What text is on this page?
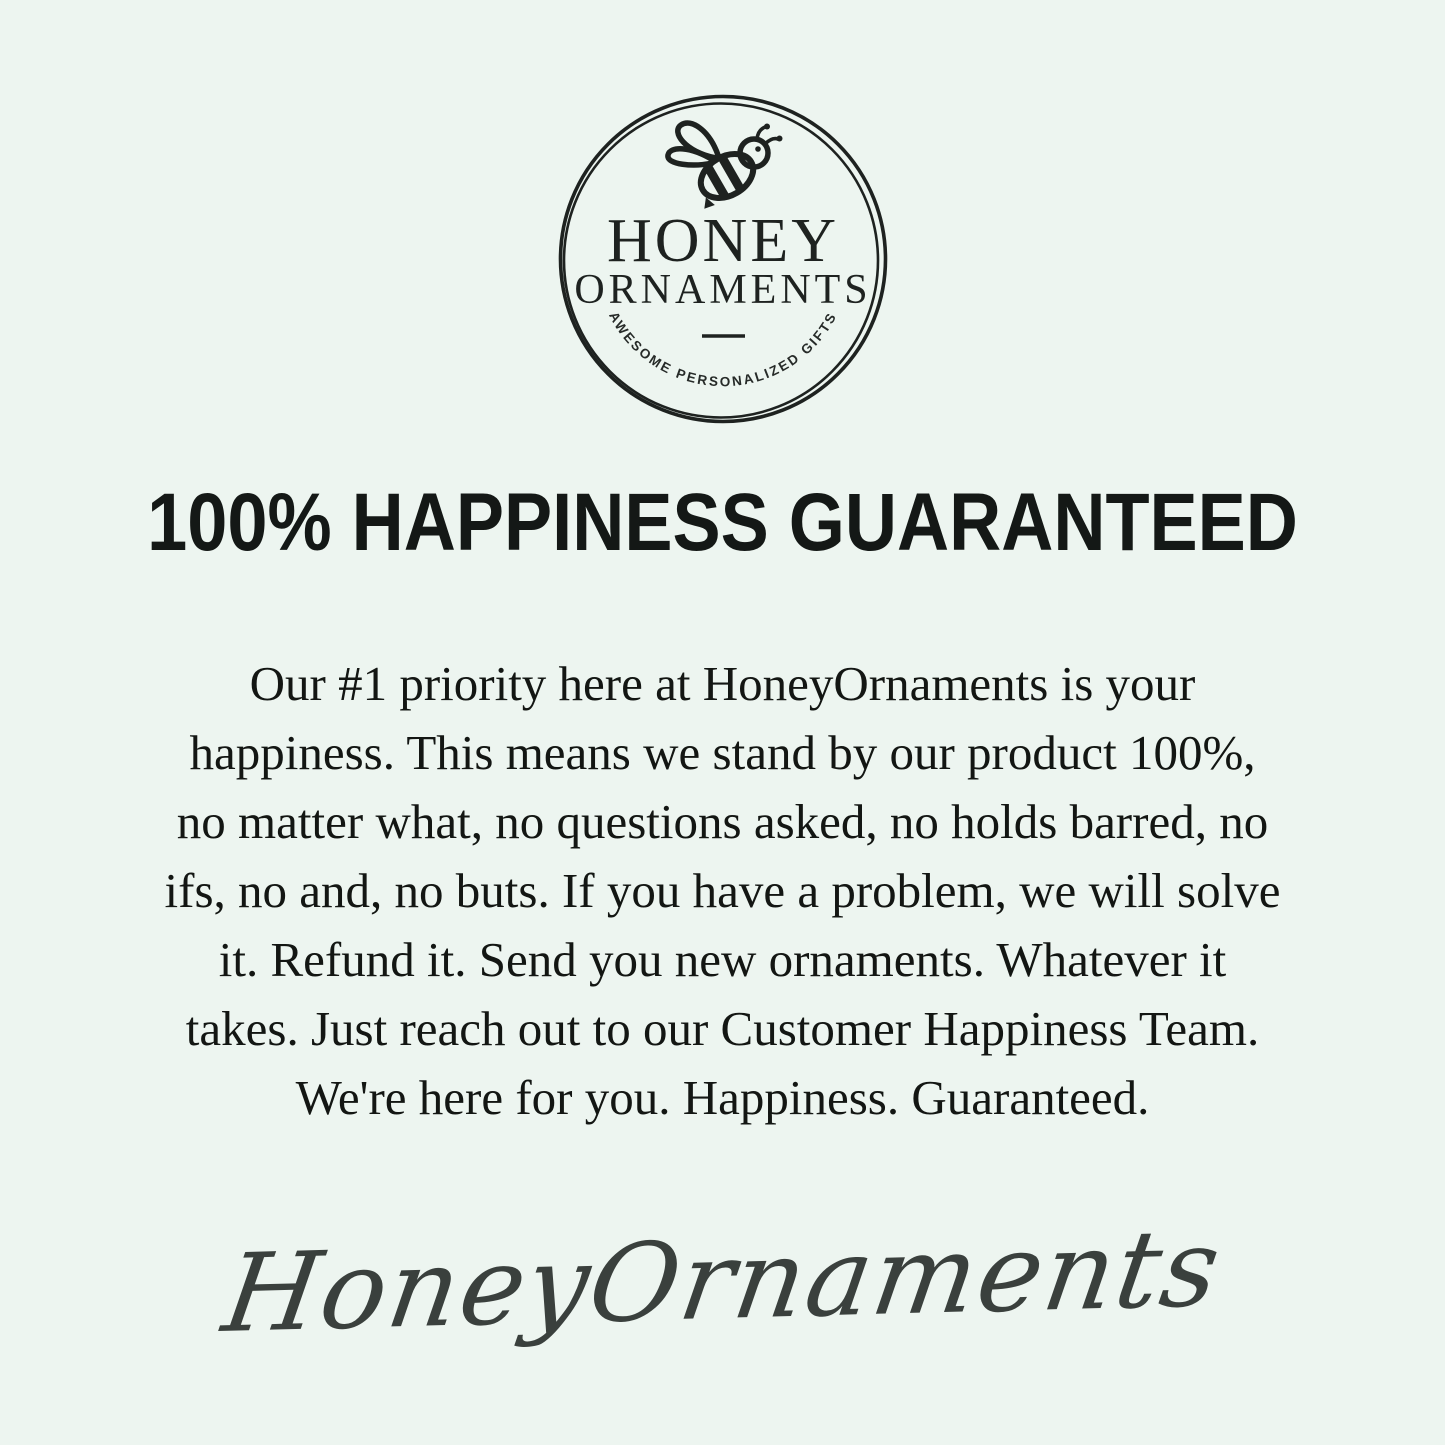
HONEY
ORNAMENTS
AWESOME PERSONALIZED GIFTS
100% HAPPINESS GUARANTEED
Our #1 priority here at HoneyOrnaments is your
happiness. This means we stand by our product 100%,
no matter what, no questions asked, no holds barred, no
ifs, no and, no buts. If you have a problem, we will solve
it. Refund it. Send you new ornaments. Whatever it
takes. Just reach out to our Customer Happiness Team.
We're here for you. Happiness. Guaranteed.
HoneyOrnaments
